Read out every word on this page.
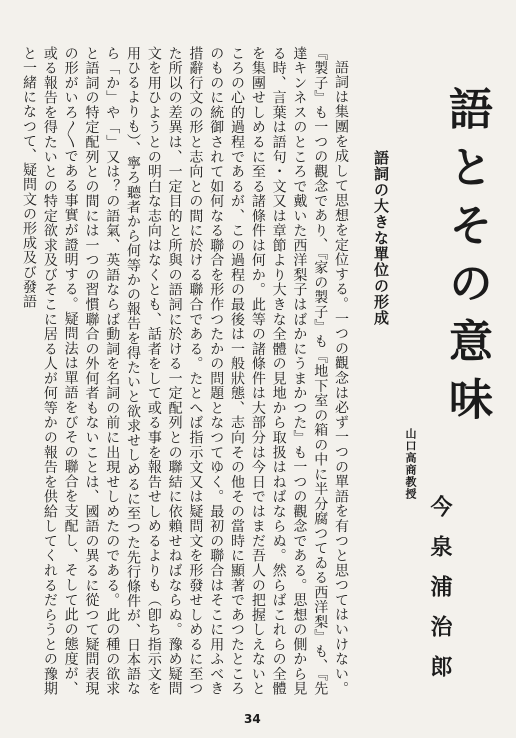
語とその意味
語詞の大きな單位の形成
山口高商教授
今泉浦治郎

語詞は集團を成して思想を定位する。一つの觀念は必ず一つの單語を有つと思つてはいけない。『製子』も一つの觀念であり、『家の製子』も『地下室の箱の中に半分腐つてゐる西洋梨』も、『先達キンネスのところで戴いた西洋梨子はばかにうまかつた』も一つの觀念である。思想の側から見る時、言葉は語句・文又は章節より大きな全體の見地から取扱はねばならぬ。然らばこれらの全體を集團せしめるに至る諸條件は何か。此等の諸條件は大部分は今日ではまだ吾人の把握しえないところの心的過程であるが、この過程の最後は一般狀態、志向その他その當時に顯著であつたところのものに統御されて如何なる聯合を形作つたかの問題となつてゆく。最初の聯合はそこに用ふべき措辭行文の形と志向との間に於ける聯合である。たとへば指示文又は疑問文を形發せしめるに至つた所以の差異は、一定目的と所與の語詞に於ける一定配列との聯結に依賴せねばならぬ。豫め疑問文を用ひようとの明白な志向はなくとも、話者をして或る事を報告せしめるよりも（卽ち指示文を用ひるよりも）、寧ろ聽者から何等かの報告を得たいと欲求せしめるに至つた先行條件が、日本語なら「か」や「」又は？の語氣、英語ならば動詞を名詞の前に出現せしめたのである。此の種の欲求と語詞の特定配列との間には一つの習慣聯合の外何者もないことは、國語の異るに從つて疑問表現の形がいろ〳〵である事實が證明する。疑問法は單語をびその聯合を支配し、そして此の態度が、或る報告を得たいとの特定欲求及びそこに居る人が何等かの報告を供給してくれるだらうとの豫期と一緒になつて、疑問文の形成及び發語

34
